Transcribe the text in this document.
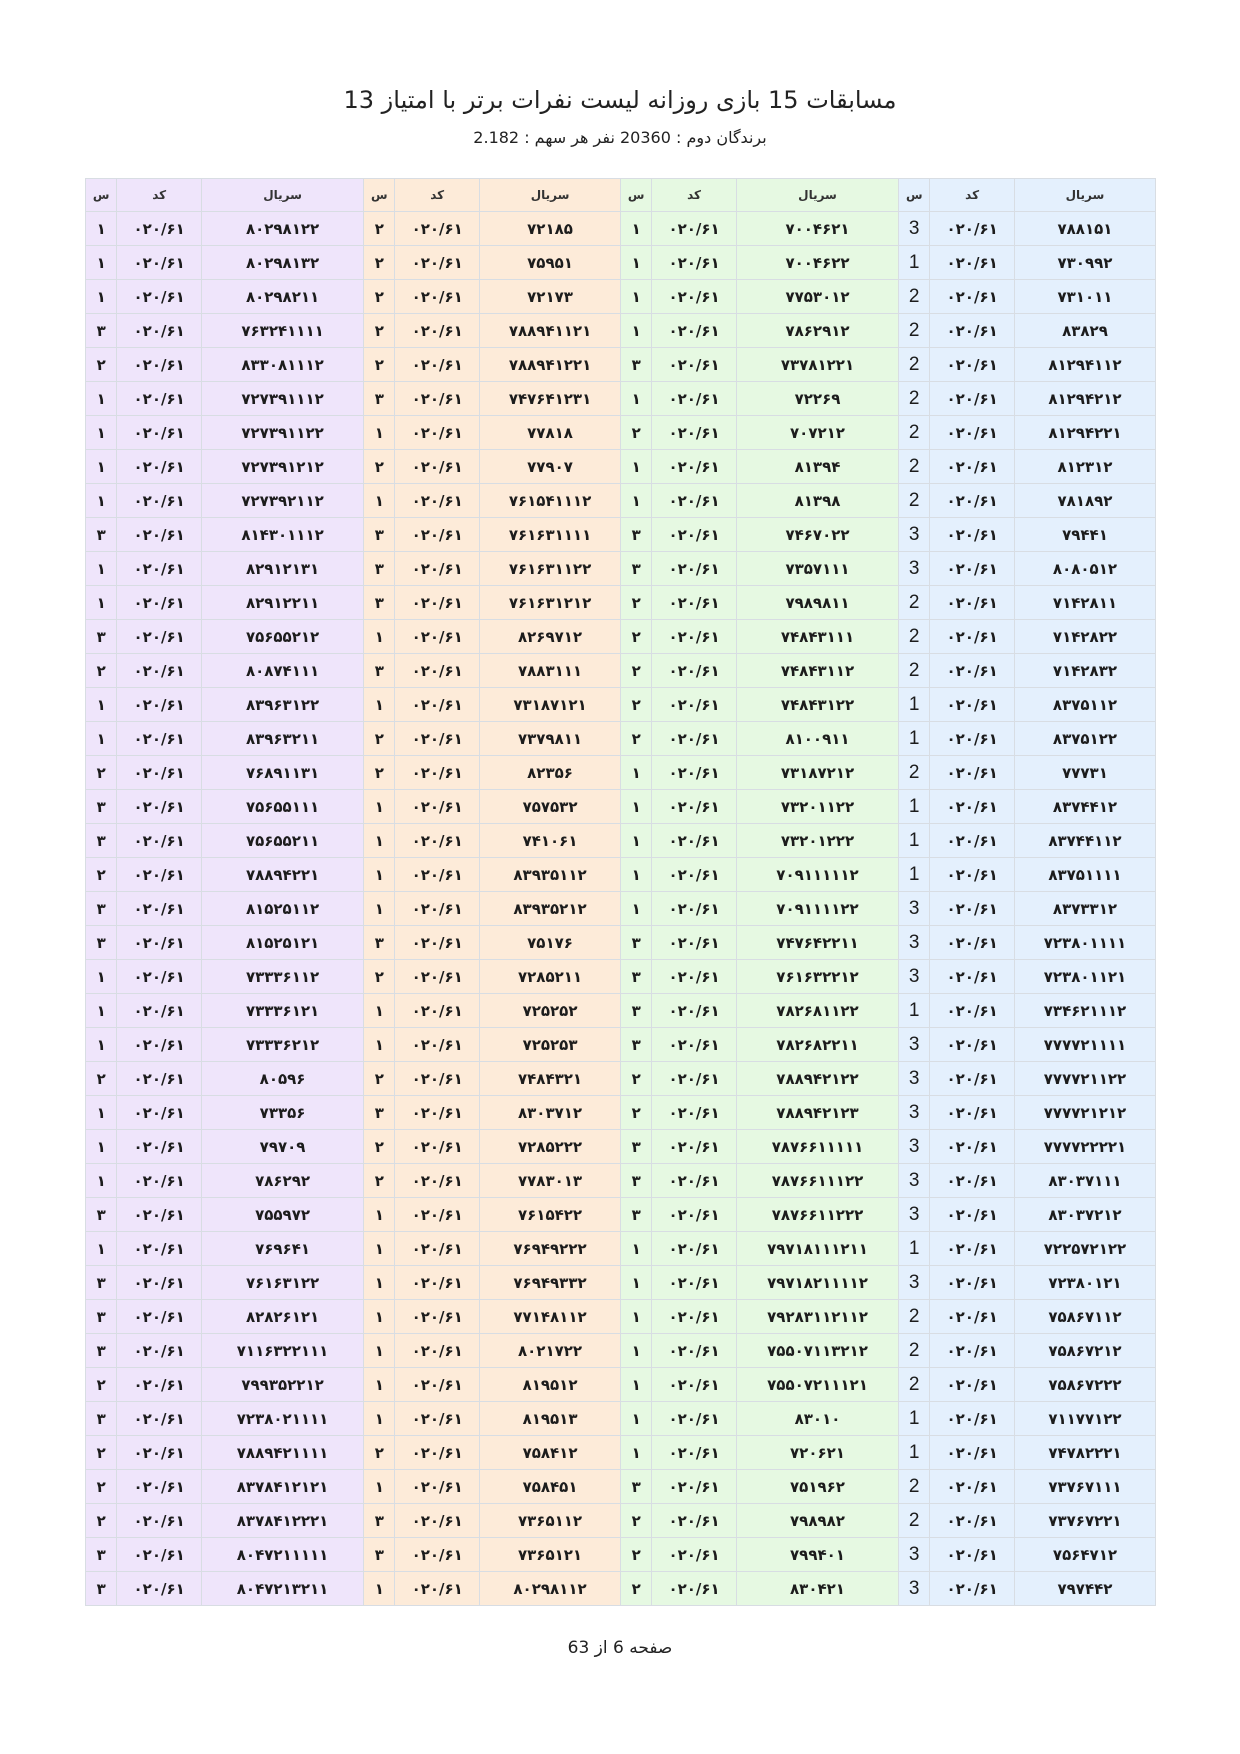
مسابقات 15 بازی روزانه لیست نفرات برتر با امتیاز 13
برندگان دوم : 20360 نفر هر سهم : 2.182
سریال	کد	س	سریال	کد	س	سریال	کد	س	سریال	کد	س
۷۸۸۱۵۱	۰۲۰/۶۱	3	۷۰۰۴۶۲۱	۰۲۰/۶۱	۱	۷۲۱۸۵	۰۲۰/۶۱	۲	۸۰۲۹۸۱۲۲	۰۲۰/۶۱	۱
۷۳۰۹۹۲	۰۲۰/۶۱	1	۷۰۰۴۶۲۲	۰۲۰/۶۱	۱	۷۵۹۵۱	۰۲۰/۶۱	۲	۸۰۲۹۸۱۳۲	۰۲۰/۶۱	۱
۷۳۱۰۱۱	۰۲۰/۶۱	2	۷۷۵۳۰۱۲	۰۲۰/۶۱	۱	۷۲۱۷۳	۰۲۰/۶۱	۲	۸۰۲۹۸۲۱۱	۰۲۰/۶۱	۱
۸۳۸۲۹	۰۲۰/۶۱	2	۷۸۶۲۹۱۲	۰۲۰/۶۱	۱	۷۸۸۹۴۱۱۲۱	۰۲۰/۶۱	۲	۷۶۳۲۴۱۱۱۱	۰۲۰/۶۱	۳
۸۱۲۹۴۱۱۲	۰۲۰/۶۱	2	۷۳۷۸۱۲۲۱	۰۲۰/۶۱	۳	۷۸۸۹۴۱۲۲۱	۰۲۰/۶۱	۲	۸۳۳۰۸۱۱۱۲	۰۲۰/۶۱	۲
۸۱۲۹۴۲۱۲	۰۲۰/۶۱	2	۷۲۲۶۹	۰۲۰/۶۱	۱	۷۴۷۶۴۱۲۳۱	۰۲۰/۶۱	۳	۷۲۷۳۹۱۱۱۲	۰۲۰/۶۱	۱
۸۱۲۹۴۲۲۱	۰۲۰/۶۱	2	۷۰۷۲۱۲	۰۲۰/۶۱	۲	۷۷۸۱۸	۰۲۰/۶۱	۱	۷۲۷۳۹۱۱۲۲	۰۲۰/۶۱	۱
۸۱۲۳۱۲	۰۲۰/۶۱	2	۸۱۳۹۴	۰۲۰/۶۱	۱	۷۷۹۰۷	۰۲۰/۶۱	۲	۷۲۷۳۹۱۲۱۲	۰۲۰/۶۱	۱
۷۸۱۸۹۲	۰۲۰/۶۱	2	۸۱۳۹۸	۰۲۰/۶۱	۱	۷۶۱۵۴۱۱۱۲	۰۲۰/۶۱	۱	۷۲۷۳۹۲۱۱۲	۰۲۰/۶۱	۱
۷۹۴۴۱	۰۲۰/۶۱	3	۷۴۶۷۰۲۲	۰۲۰/۶۱	۳	۷۶۱۶۳۱۱۱۱	۰۲۰/۶۱	۳	۸۱۴۳۰۱۱۱۲	۰۲۰/۶۱	۳
۸۰۸۰۵۱۲	۰۲۰/۶۱	3	۷۳۵۷۱۱۱	۰۲۰/۶۱	۳	۷۶۱۶۳۱۱۲۲	۰۲۰/۶۱	۳	۸۲۹۱۲۱۳۱	۰۲۰/۶۱	۱
۷۱۴۲۸۱۱	۰۲۰/۶۱	2	۷۹۸۹۸۱۱	۰۲۰/۶۱	۲	۷۶۱۶۳۱۲۱۲	۰۲۰/۶۱	۳	۸۲۹۱۲۲۱۱	۰۲۰/۶۱	۱
۷۱۴۲۸۲۲	۰۲۰/۶۱	2	۷۴۸۴۳۱۱۱	۰۲۰/۶۱	۲	۸۲۶۹۷۱۲	۰۲۰/۶۱	۱	۷۵۶۵۵۲۱۲	۰۲۰/۶۱	۳
۷۱۴۲۸۳۲	۰۲۰/۶۱	2	۷۴۸۴۳۱۱۲	۰۲۰/۶۱	۲	۷۸۸۳۱۱۱	۰۲۰/۶۱	۳	۸۰۸۷۴۱۱۱	۰۲۰/۶۱	۲
۸۳۷۵۱۱۲	۰۲۰/۶۱	1	۷۴۸۴۳۱۲۲	۰۲۰/۶۱	۲	۷۳۱۸۷۱۲۱	۰۲۰/۶۱	۱	۸۳۹۶۳۱۲۲	۰۲۰/۶۱	۱
۸۳۷۵۱۲۲	۰۲۰/۶۱	1	۸۱۰۰۹۱۱	۰۲۰/۶۱	۲	۷۳۷۹۸۱۱	۰۲۰/۶۱	۲	۸۳۹۶۳۲۱۱	۰۲۰/۶۱	۱
۷۷۷۳۱	۰۲۰/۶۱	2	۷۳۱۸۷۲۱۲	۰۲۰/۶۱	۱	۸۲۳۵۶	۰۲۰/۶۱	۲	۷۶۸۹۱۱۳۱	۰۲۰/۶۱	۲
۸۳۷۴۴۱۲	۰۲۰/۶۱	1	۷۳۲۰۱۱۲۲	۰۲۰/۶۱	۱	۷۵۷۵۳۲	۰۲۰/۶۱	۱	۷۵۶۵۵۱۱۱	۰۲۰/۶۱	۳
۸۳۷۴۴۱۱۲	۰۲۰/۶۱	1	۷۳۲۰۱۲۲۲	۰۲۰/۶۱	۱	۷۴۱۰۶۱	۰۲۰/۶۱	۱	۷۵۶۵۵۲۱۱	۰۲۰/۶۱	۳
۸۳۷۵۱۱۱۱	۰۲۰/۶۱	1	۷۰۹۱۱۱۱۱۲	۰۲۰/۶۱	۱	۸۳۹۳۵۱۱۲	۰۲۰/۶۱	۱	۷۸۸۹۴۲۲۱	۰۲۰/۶۱	۲
۸۳۷۳۳۱۲	۰۲۰/۶۱	3	۷۰۹۱۱۱۱۲۲	۰۲۰/۶۱	۱	۸۳۹۳۵۲۱۲	۰۲۰/۶۱	۱	۸۱۵۲۵۱۱۲	۰۲۰/۶۱	۳
۷۲۳۸۰۱۱۱۱	۰۲۰/۶۱	3	۷۴۷۶۴۲۲۱۱	۰۲۰/۶۱	۳	۷۵۱۷۶	۰۲۰/۶۱	۳	۸۱۵۲۵۱۲۱	۰۲۰/۶۱	۳
۷۲۳۸۰۱۱۲۱	۰۲۰/۶۱	3	۷۶۱۶۳۲۲۱۲	۰۲۰/۶۱	۳	۷۲۸۵۲۱۱	۰۲۰/۶۱	۲	۷۳۳۳۶۱۱۲	۰۲۰/۶۱	۱
۷۳۴۶۲۱۱۱۲	۰۲۰/۶۱	1	۷۸۲۶۸۱۱۲۲	۰۲۰/۶۱	۳	۷۲۵۲۵۲	۰۲۰/۶۱	۱	۷۳۳۳۶۱۲۱	۰۲۰/۶۱	۱
۷۷۷۷۲۱۱۱۱	۰۲۰/۶۱	3	۷۸۲۶۸۲۲۱۱	۰۲۰/۶۱	۳	۷۲۵۲۵۳	۰۲۰/۶۱	۱	۷۳۳۳۶۲۱۲	۰۲۰/۶۱	۱
۷۷۷۷۲۱۱۲۲	۰۲۰/۶۱	3	۷۸۸۹۴۲۱۲۲	۰۲۰/۶۱	۲	۷۴۸۴۳۲۱	۰۲۰/۶۱	۲	۸۰۵۹۶	۰۲۰/۶۱	۲
۷۷۷۷۲۱۲۱۲	۰۲۰/۶۱	3	۷۸۸۹۴۲۱۲۳	۰۲۰/۶۱	۲	۸۳۰۳۷۱۲	۰۲۰/۶۱	۳	۷۳۳۵۶	۰۲۰/۶۱	۱
۷۷۷۷۲۲۲۲۱	۰۲۰/۶۱	3	۷۸۷۶۶۱۱۱۱۱	۰۲۰/۶۱	۳	۷۲۸۵۲۲۲	۰۲۰/۶۱	۲	۷۹۷۰۹	۰۲۰/۶۱	۱
۸۳۰۳۷۱۱۱	۰۲۰/۶۱	3	۷۸۷۶۶۱۱۱۲۲	۰۲۰/۶۱	۳	۷۷۸۳۰۱۳	۰۲۰/۶۱	۲	۷۸۶۲۹۲	۰۲۰/۶۱	۱
۸۳۰۳۷۲۱۲	۰۲۰/۶۱	3	۷۸۷۶۶۱۱۲۲۲	۰۲۰/۶۱	۳	۷۶۱۵۴۲۲	۰۲۰/۶۱	۱	۷۵۵۹۷۲	۰۲۰/۶۱	۳
۷۲۲۵۷۲۱۲۲	۰۲۰/۶۱	1	۷۹۷۱۸۱۱۱۲۱۱	۰۲۰/۶۱	۱	۷۶۹۴۹۲۲۲	۰۲۰/۶۱	۱	۷۶۹۶۴۱	۰۲۰/۶۱	۱
۷۲۳۸۰۱۲۱	۰۲۰/۶۱	3	۷۹۷۱۸۲۱۱۱۱۲	۰۲۰/۶۱	۱	۷۶۹۴۹۳۳۲	۰۲۰/۶۱	۱	۷۶۱۶۳۱۲۲	۰۲۰/۶۱	۳
۷۵۸۶۷۱۱۲	۰۲۰/۶۱	2	۷۹۲۸۳۱۱۲۱۱۲	۰۲۰/۶۱	۱	۷۷۱۴۸۱۱۲	۰۲۰/۶۱	۱	۸۲۸۲۶۱۲۱	۰۲۰/۶۱	۳
۷۵۸۶۷۲۱۲	۰۲۰/۶۱	2	۷۵۵۰۷۱۱۳۲۱۲	۰۲۰/۶۱	۱	۸۰۲۱۷۲۲	۰۲۰/۶۱	۱	۷۱۱۶۳۲۲۱۱۱	۰۲۰/۶۱	۳
۷۵۸۶۷۲۲۲	۰۲۰/۶۱	2	۷۵۵۰۷۲۱۱۱۲۱	۰۲۰/۶۱	۱	۸۱۹۵۱۲	۰۲۰/۶۱	۱	۷۹۹۳۵۲۲۱۲	۰۲۰/۶۱	۲
۷۱۱۷۷۱۲۲	۰۲۰/۶۱	1	۸۳۰۱۰	۰۲۰/۶۱	۱	۸۱۹۵۱۳	۰۲۰/۶۱	۱	۷۲۳۸۰۲۱۱۱۱	۰۲۰/۶۱	۳
۷۴۷۸۲۲۲۱	۰۲۰/۶۱	1	۷۲۰۶۲۱	۰۲۰/۶۱	۱	۷۵۸۴۱۲	۰۲۰/۶۱	۲	۷۸۸۹۴۲۱۱۱۱	۰۲۰/۶۱	۲
۷۳۷۶۷۱۱۱	۰۲۰/۶۱	2	۷۵۱۹۶۲	۰۲۰/۶۱	۳	۷۵۸۴۵۱	۰۲۰/۶۱	۱	۸۳۷۸۴۱۲۱۲۱	۰۲۰/۶۱	۲
۷۳۷۶۷۲۲۱	۰۲۰/۶۱	2	۷۹۸۹۸۲	۰۲۰/۶۱	۲	۷۳۶۵۱۱۲	۰۲۰/۶۱	۳	۸۳۷۸۴۱۲۲۲۱	۰۲۰/۶۱	۲
۷۵۶۴۷۱۲	۰۲۰/۶۱	3	۷۹۹۴۰۱	۰۲۰/۶۱	۲	۷۳۶۵۱۲۱	۰۲۰/۶۱	۳	۸۰۴۷۲۱۱۱۱۱	۰۲۰/۶۱	۳
۷۹۷۴۴۲	۰۲۰/۶۱	3	۸۳۰۴۲۱	۰۲۰/۶۱	۲	۸۰۲۹۸۱۱۲	۰۲۰/۶۱	۱	۸۰۴۷۲۱۳۲۱۱	۰۲۰/۶۱	۳
صفحه 6 از 63
